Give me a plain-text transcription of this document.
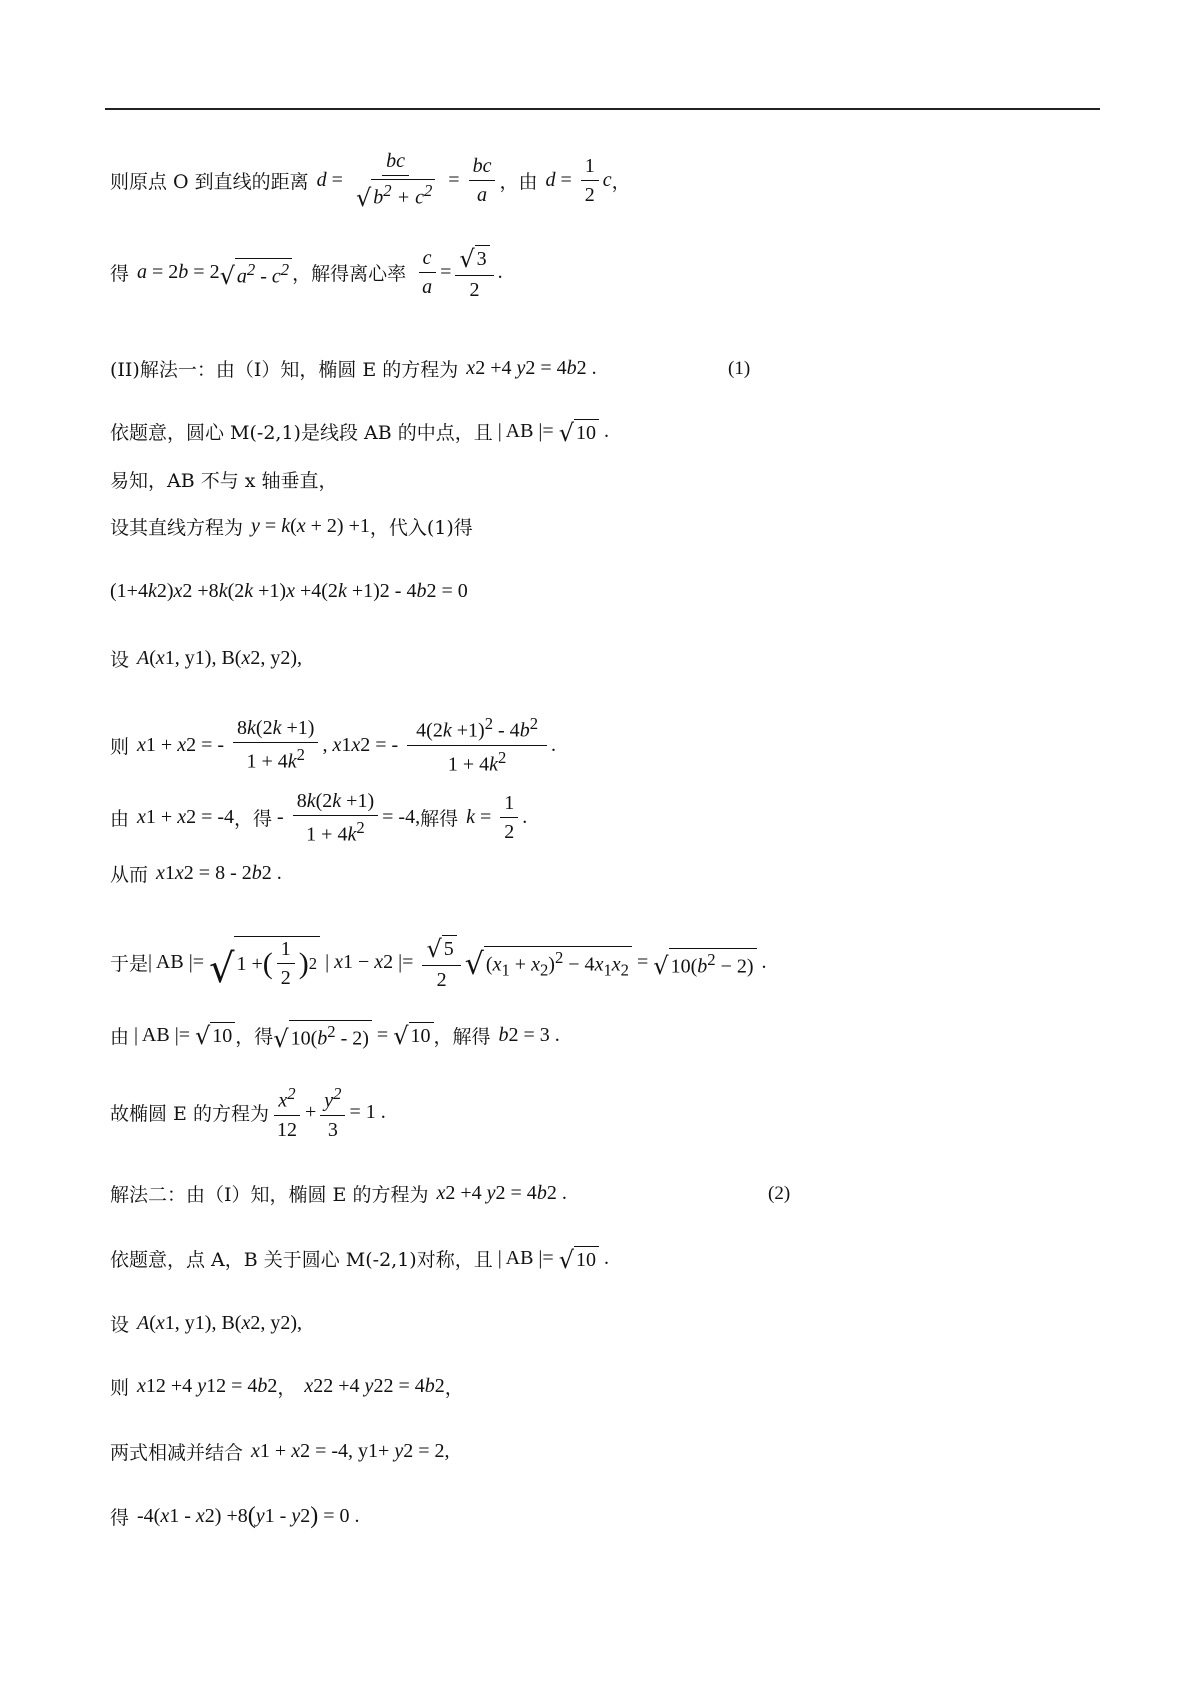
则原点 O 到直线的距离 $d = \frac{bc}{√ b^2 + c^2} = \frac{bc}{a}$ ，由 $d = \frac{1}{2}$ c ，
得 a = 2 b = 2 √ $a^2 - c^2$ ，解得离心率 $\frac{c}{a} = \frac{√ 3}{2}$ .
(II)解法一：由（I）知，椭圆 E 的方程为 x 2 +4 y 2 = 4 b 2 .	(1)
依题意，圆心 M(-2,1)是线段 AB 的中点，且 | AB |= √ 10 .
易知，AB 不与 x 轴垂直，
设其直线方程为 y = k ( x + 2) +1 ，代入(1)得
(1+4 k 2 ) x 2 +8 k (2 k +1) x +4(2 k +1) 2 - 4 b 2 = 0
设 A ( x 1 , y 1 ), B( x 2 , y 2 ),
则 x 1 + x 2 = - $\frac{8k(2k +1)}{1 + 4k^2}$ , x 1 x 2 = - $\frac{4(2k +1)^2 - 4b^2}{1 + 4k^2}$ .
由 x 1 + x 2 = -4 ，得 - $\frac{8k(2k +1)}{1 + 4k^2} = -4$, 解得 $k = \frac{1}{2}$ .
从而 x 1 x 2 = 8 - 2 b 2 .
于是 | AB |= √ 1 + ( $\frac{1}{2}$ ) 2 | x 1 − x 2 |= $\frac{√ 5}{2}$ √ $(x_1 + x_2)^2 - 4x_1x_2$ = √ $10(b^2 - 2)$ .
由 | AB |= √ 10 ，得 √ $10(b^2 - 2)$ = √ 10 ，解得 b 2 = 3 .
故椭圆 E 的方程为 $\frac{x^2}{12} + \frac{y^2}{3} = 1$ .
解法二：由（I）知，椭圆 E 的方程为 x 2 +4 y 2 = 4 b 2 .	(2)
依题意，点 A，B 关于圆心 M(-2,1)对称，且 | AB |= √ 10 .
设 A ( x 1 , y 1 ), B( x 2 , y 2 ),
则 x 1 2 +4 y 1 2 = 4 b 2 ， x 2 2 +4 y 2 2 = 4 b 2 ，
两式相减并结合 x 1 + x 2 = -4, y 1 + y 2 = 2,
得 -4( x 1 - x 2 ) +8 ( y 1 - y 2 ) = 0 .
